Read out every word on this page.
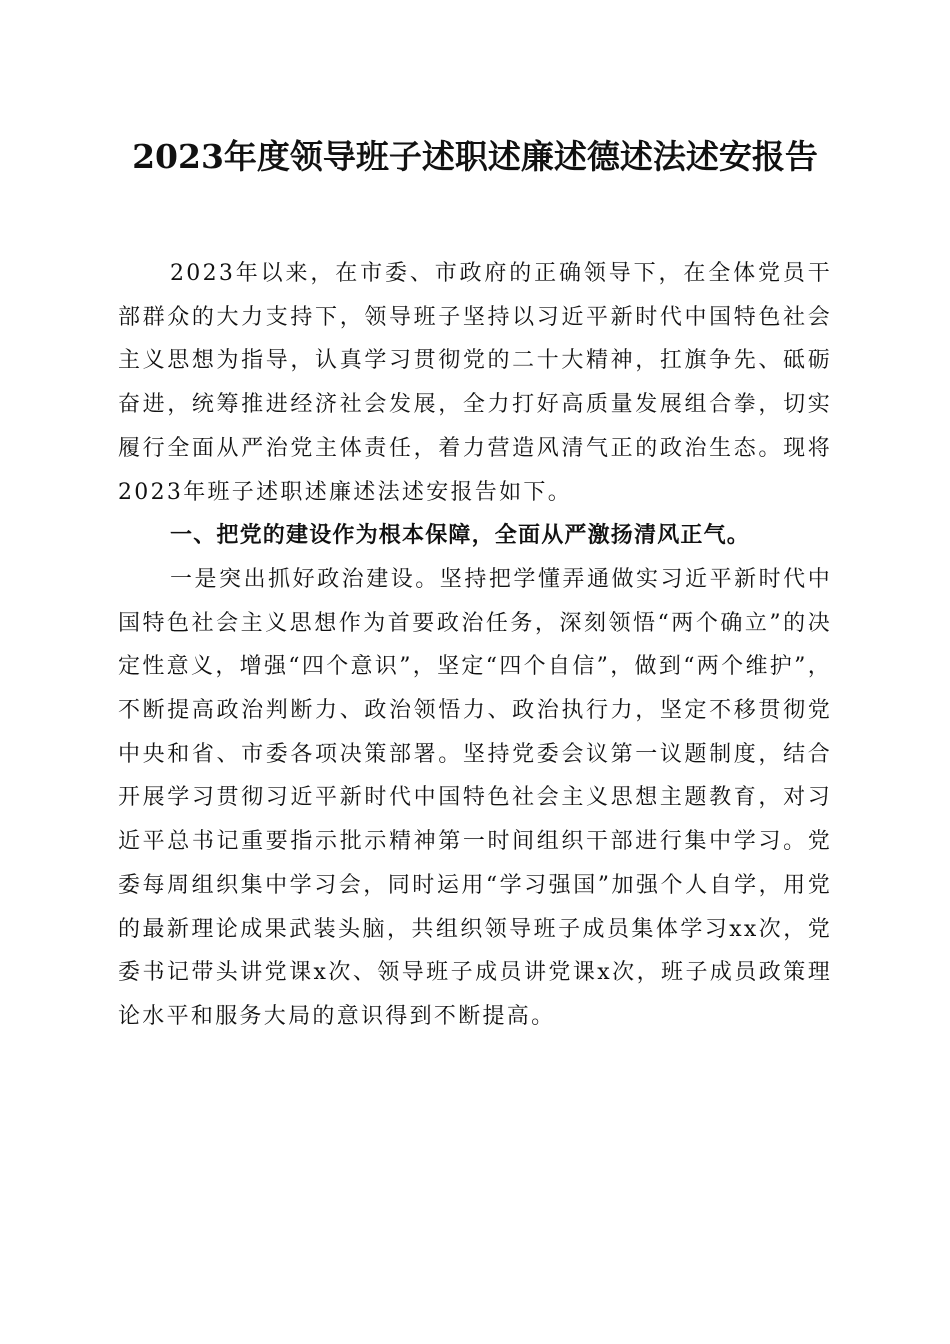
2023年度领导班子述职述廉述德述法述安报告

2023年以来，在市委、市政府的正确领导下，在全体党员干部群众的大力支持下，领导班子坚持以习近平新时代中国特色社会主义思想为指导，认真学习贯彻党的二十大精神，扛旗争先、砥砺奋进，统筹推进经济社会发展，全力打好高质量发展组合拳，切实履行全面从严治党主体责任，着力营造风清气正的政治生态。现将2023年班子述职述廉述法述安报告如下。

一、把党的建设作为根本保障，全面从严激扬清风正气。

一是突出抓好政治建设。坚持把学懂弄通做实习近平新时代中国特色社会主义思想作为首要政治任务，深刻领悟“两个确立”的决定性意义，增强“四个意识”，坚定“四个自信”，做到“两个维护”，不断提高政治判断力、政治领悟力、政治执行力，坚定不移贯彻党中央和省、市委各项决策部署。坚持党委会议第一议题制度，结合开展学习贯彻习近平新时代中国特色社会主义思想主题教育，对习近平总书记重要指示批示精神第一时间组织干部进行集中学习。党委每周组织集中学习会，同时运用“学习强国”加强个人自学，用党的最新理论成果武装头脑，共组织领导班子成员集体学习xx次，党委书记带头讲党课x次、领导班子成员讲党课x次，班子成员政策理论水平和服务大局的意识得到不断提高。
